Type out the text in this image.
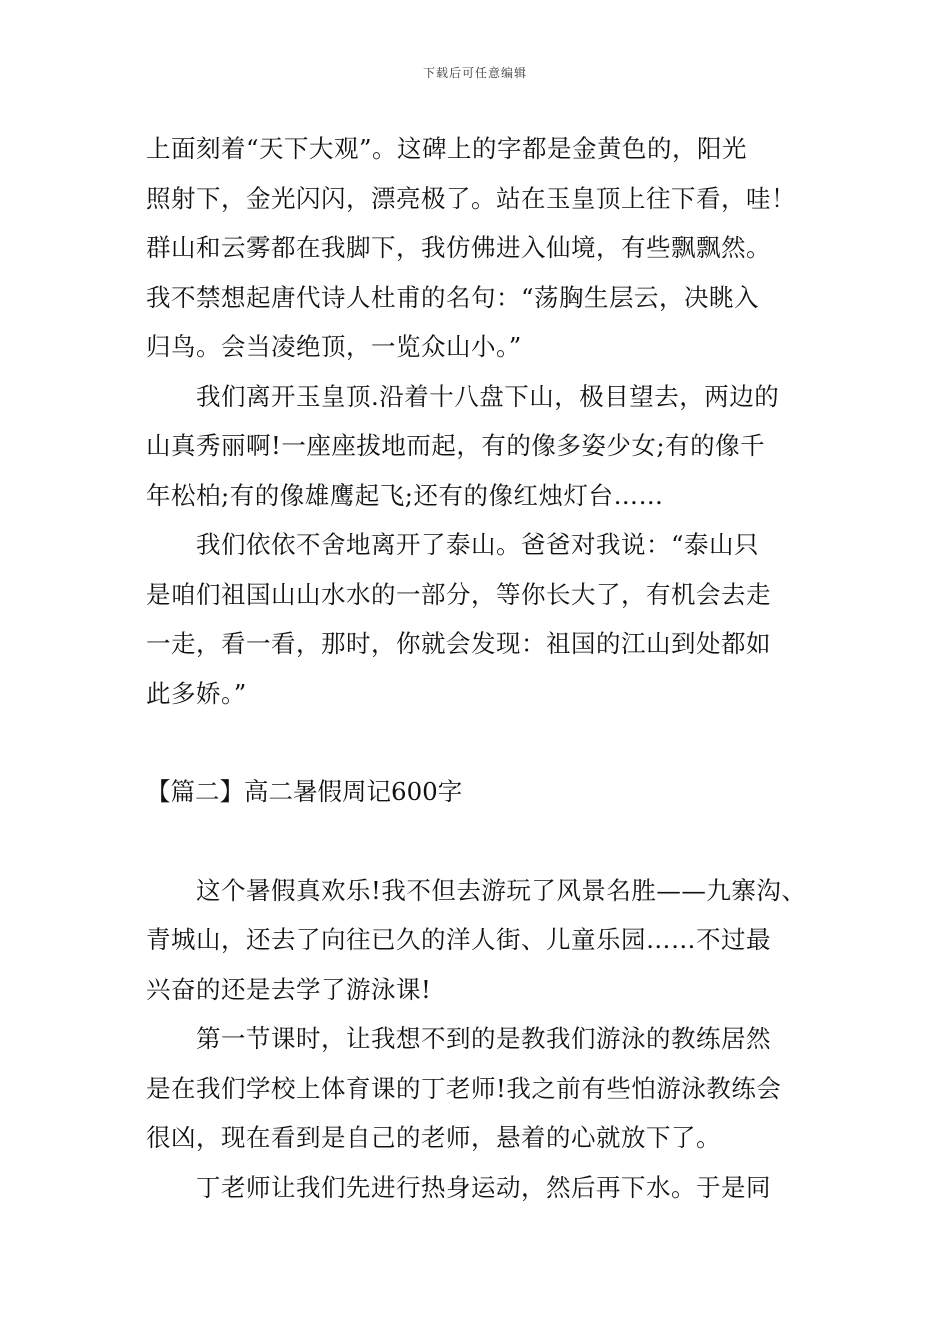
下载后可任意编辑
上面刻着“天下大观”。这碑上的字都是金黄色的，阳光
照射下，金光闪闪，漂亮极了。站在玉皇顶上往下看，哇！
群山和云雾都在我脚下，我仿佛进入仙境，有些飘飘然。
我不禁想起唐代诗人杜甫的名句：“荡胸生层云，决眺入
归鸟。会当凌绝顶，一览众山小。”
我们离开玉皇顶.沿着十八盘下山，极目望去，两边的
山真秀丽啊!一座座拔地而起，有的像多姿少女;有的像千
年松柏;有的像雄鹰起飞;还有的像红烛灯台……
我们依依不舍地离开了泰山。爸爸对我说：“泰山只
是咱们祖国山山水水的一部分，等你长大了，有机会去走
一走，看一看，那时，你就会发现：祖国的江山到处都如
此多娇。”
【篇二】高二暑假周记600字
这个暑假真欢乐!我不但去游玩了风景名胜——九寨沟、
青城山，还去了向往已久的洋人街、儿童乐园……不过最
兴奋的还是去学了游泳课!
第一节课时，让我想不到的是教我们游泳的教练居然
是在我们学校上体育课的丁老师!我之前有些怕游泳教练会
很凶，现在看到是自己的老师，悬着的心就放下了。
丁老师让我们先进行热身运动，然后再下水。于是同
